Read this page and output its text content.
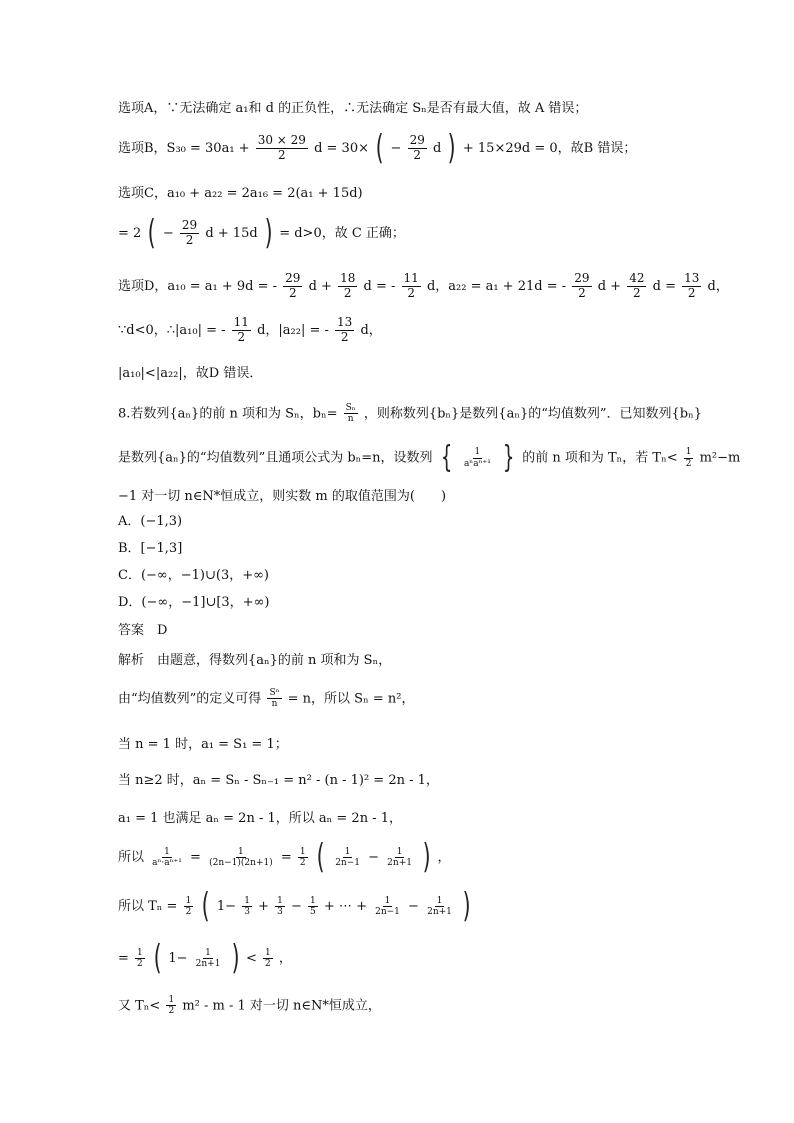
选项A，∵无法确定 a₁和 d 的正负性，∴无法确定 Sₙ是否有最大值，故 A 错误；
选项B，$S_{30} = 30a_1 + \frac{30 \times 29}{2}$ d = 30× ( − $\frac{29}{2}$ d ) + 15×29d = 0，故B 错误；
选项C，a₁₀ + a₂₂ = 2a₁₆ = 2(a₁ + 15d)
= 2 ( − $\frac{29}{2}$ d + 15d ) = d>0，故 C 正确；
选项D，a₁₀ = a₁ + 9d = - $\frac{29}{2}$ $d + \frac{18}{2}$ d = - $\frac{11}{2}$ d，a₂₂ = a₁ + 21d = - $\frac{29}{2}$ $d + \frac{42}{2}$ $d = \frac{13}{2}$ d，
∵d<0，∴|a₁₀| = - $\frac{11}{2}$ d，|a₂₂| = - $\frac{13}{2}$ d，
|a₁₀|<|a₂₂|，故D 错误．
8.若数列{aₙ}的前 n 项和为 Sₙ，$b_n= \frac{\text{Sₙ}}{n}$ ，则称数列{bₙ}是数列{aₙ}的“均值数列”．已知数列{bₙ}
是数列{aₙ}的“均值数列”且通项公式为 bₙ=n，设数列 { $\frac{1}{\text{aⁿaⁿ⁺¹}}$ } 的前 n 项和为 Tₙ，若 $T_n< \frac{1}{2} m^2-m$
−1 对一切 n∈N*恒成立，则实数 m 的取值范围为(　　)
A．(−1,3)
B．[−1,3]
C．(−∞，−1)∪(3，+∞)
D．(−∞，−1]∪[3，+∞)
答案　D
解析　由题意，得数列{aₙ}的前 n 项和为 Sₙ，
由“均值数列”的定义可得 $\frac{\text{Sⁿ}}{n} = n$，所以 Sₙ = n²，
当 n = 1 时，a₁ = S₁ = 1；
当 n≥2 时，aₙ = Sₙ - Sₙ₋₁ = n² - (n - 1)² = 2n - 1，
a₁ = 1 也满足 aₙ = 2n - 1，所以 aₙ = 2n - 1，
所以 $\frac{1}{\text{aⁿ·aⁿ⁺¹}} = \frac{1}{(2n-1)(2n+1)} = \frac{1}{2}$ ( $\frac{1}{2n-1} - \frac{1}{2n+1}$ ) ，
所以 $T_n = \frac{1}{2}$ ( $1- \frac{1}{3} + \frac{1}{3} - \frac{1}{5}$ + ⋯ + $\frac{1}{2n-1} - \frac{1}{2n+1}$ )
= $\frac{1}{2}$ ( $1- \frac{1}{2n+1}$ ) < $\frac{1}{2}$ ，
又 $T_n< \frac{1}{2} m^2 - m - 1$ 对一切 n∈N*恒成立，
